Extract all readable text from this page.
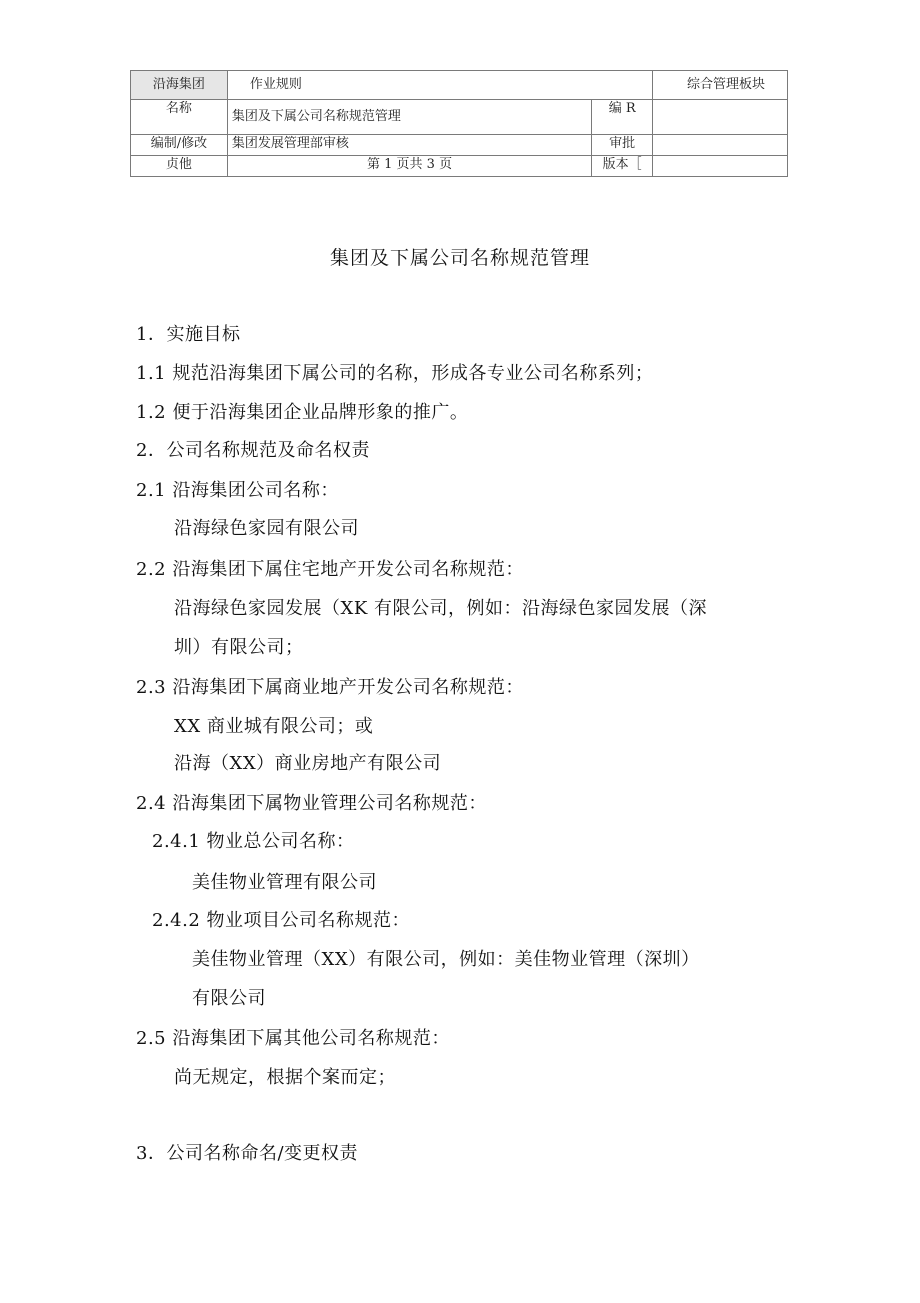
沿海集团	作业规则		综合管理板块
名称	集团及下属公司名称规范管理	编 R	
编制/修改	集团发展管理部审核	审批	
贞他	第 1 页共 3 页	版本［	
集团及下属公司名称规范管理
1．实施目标
1.1 规范沿海集团下属公司的名称，形成各专业公司名称系列；
1.2 便于沿海集团企业品牌形象的推广。
2．公司名称规范及命名权责
2.1 沿海集团公司名称：
沿海绿色家园有限公司
2.2 沿海集团下属住宅地产开发公司名称规范：
沿海绿色家园发展（XK 有限公司，例如：沿海绿色家园发展（深
圳）有限公司；
2.3 沿海集团下属商业地产开发公司名称规范：
XX 商业城有限公司；或
沿海（XX）商业房地产有限公司
2.4 沿海集团下属物业管理公司名称规范：
2.4.1 物业总公司名称：
美佳物业管理有限公司
2.4.2 物业项目公司名称规范：
美佳物业管理（XX）有限公司，例如：美佳物业管理（深圳）
有限公司
2.5 沿海集团下属其他公司名称规范：
尚无规定，根据个案而定；
3．公司名称命名/变更权责
